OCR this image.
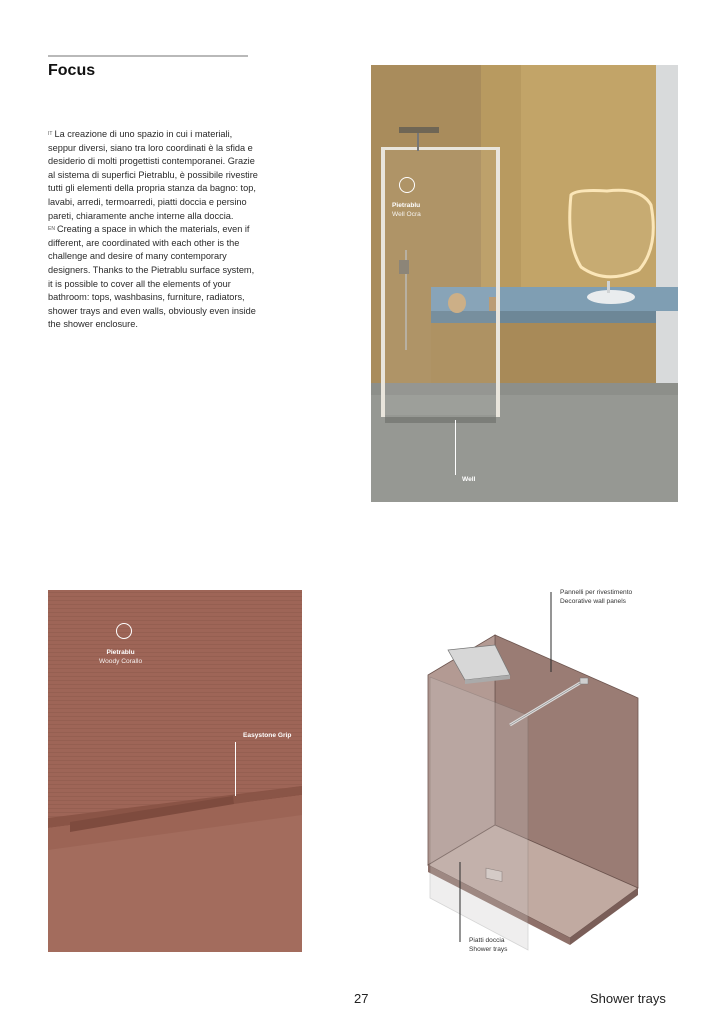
Focus

$^{IT}$ La creazione di uno spazio in cui i materiali, seppur diversi, siano tra loro coordinati è la sfida e desiderio di molti progettisti contemporanei. Grazie al sistema di superfici Pietrablu, è possibile rivestire tutti gli elementi della propria stanza da bagno: top, lavabi, arredi, termoarredi, piatti doccia e persino pareti, chiaramente anche interne alla doccia.

$^{EN}$ Creating a space in which the materials, even if different, are coordinated with each other is the challenge and desire of many contemporary designers. Thanks to the Pietrablu surface system, it is possible to cover all the elements of your bathroom: tops, washbasins, furniture, radiators, shower trays and even walls, obviously even inside the shower enclosure.

Pietrablu
Well Ocra
Well
Pietrablu
Woody Corallo
Easystone Grip
Pannelli per rivestimento
Decorative wall panels
Piatti doccia
Shower trays
27	Shower trays
